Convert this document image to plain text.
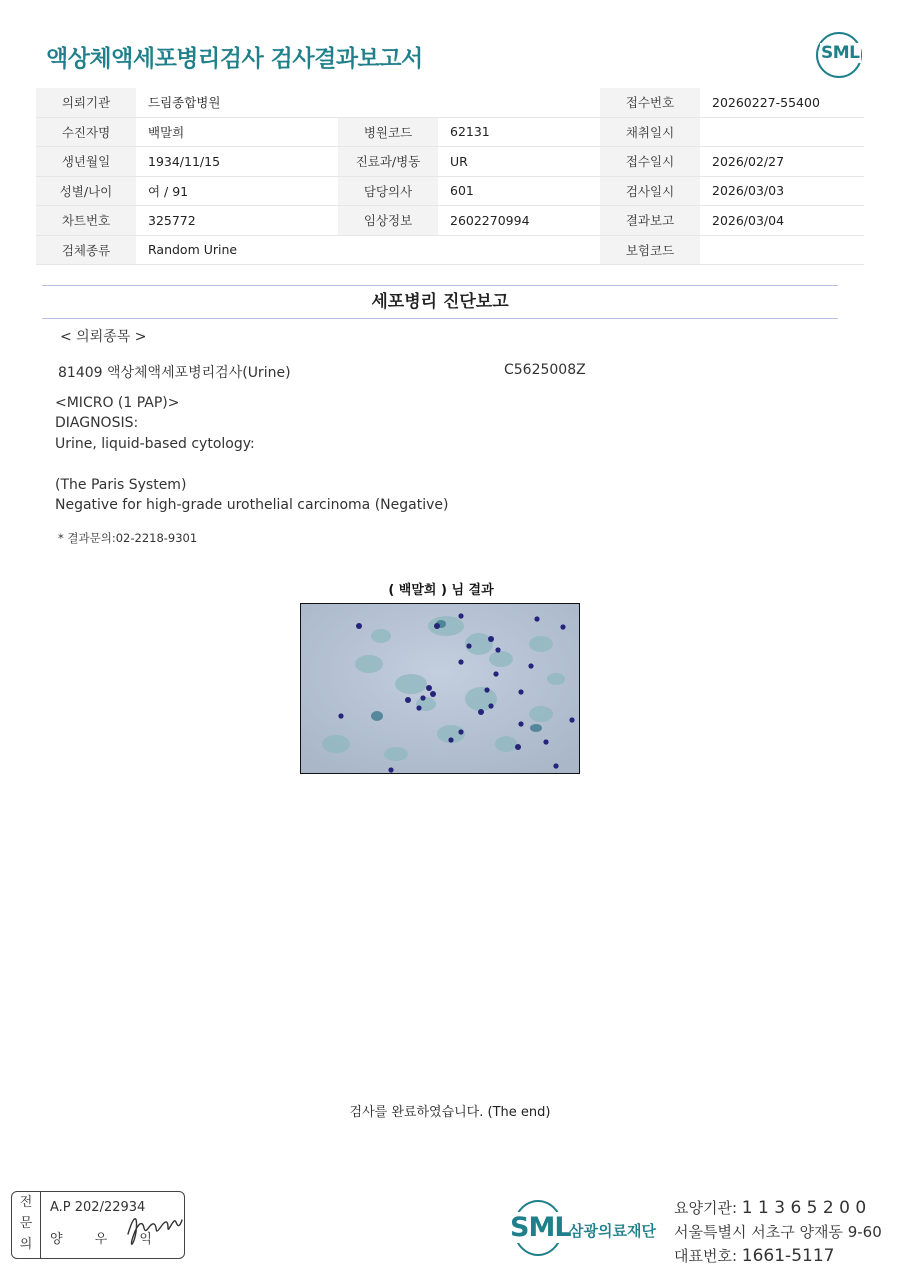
액상체액세포병리검사 검사결과보고서	SML
의뢰기관	드림종합병원			접수번호	20260227-55400
수진자명	백말희	병원코드	62131	채취일시	
생년월일	1934/11/15	진료과/병동	UR	접수일시	2026/02/27
성별/나이	여 / 91	담당의사	601	검사일시	2026/03/03
차트번호	325772	임상정보	2602270994	결과보고	2026/03/04
검체종류	Random Urine			보험코드	
세포병리 진단보고
< 의뢰종목 >
81409 액상체액세포병리검사(Urine)	C5625008Z
<MICRO (1 PAP)>
DIAGNOSIS:
Urine, liquid-based cytology:
(The Paris System)
Negative for high-grade urothelial carcinoma (Negative)
* 결과문의:02-2218-9301
( 백말희 ) 님 결과
검사를 완료하였습니다. (The end)
전
문
의
A.P 202/22934
양 우 익	SML
삼광의료재단
요양기관: 1 1 3 6 5 2 0 0
서울특별시 서초구 양재동 9-60
대표번호: 1661-5117
